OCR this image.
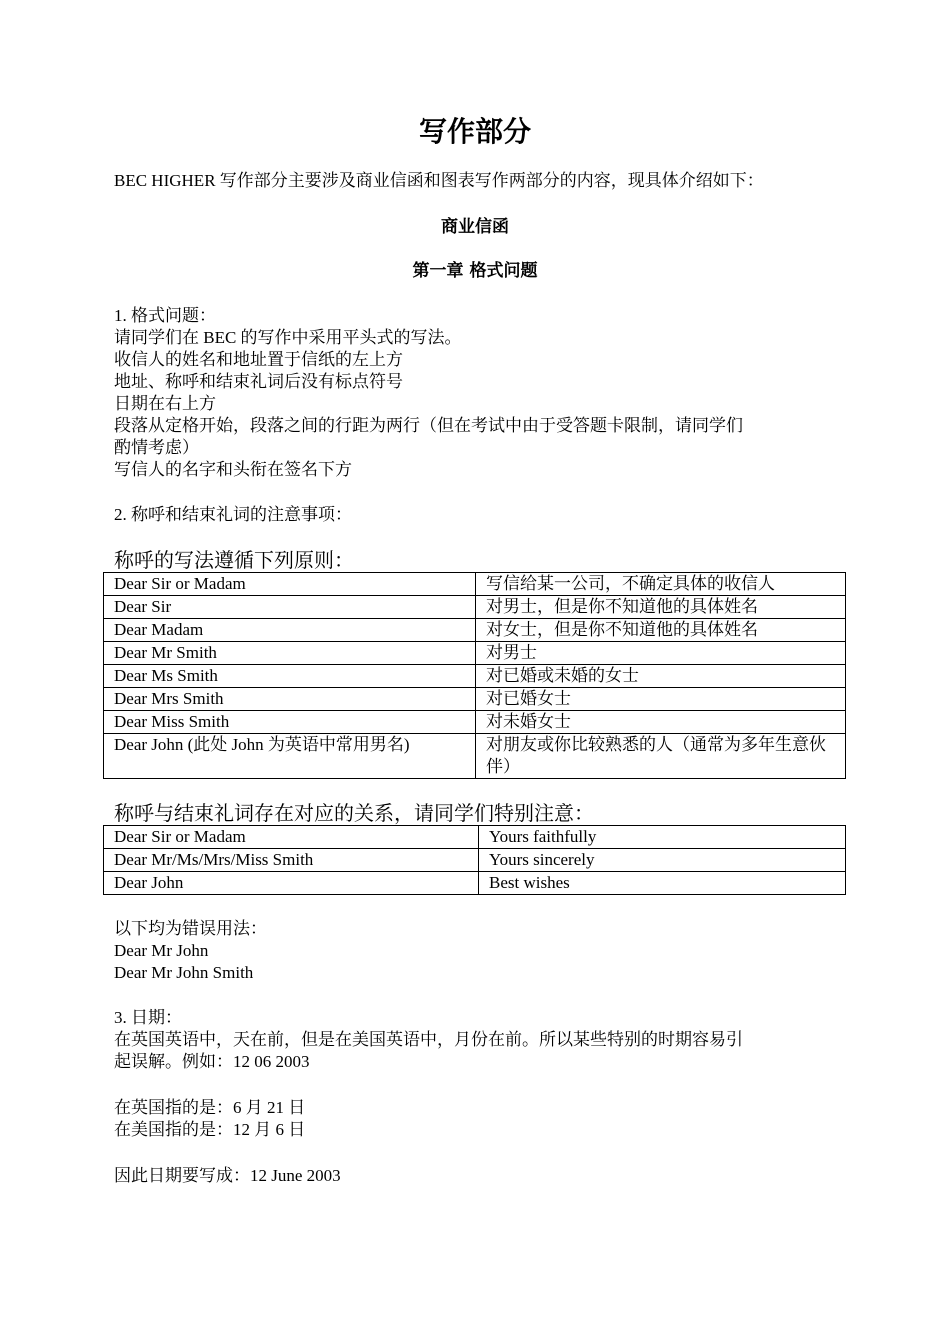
写作部分
BEC HIGHER 写作部分主要涉及商业信函和图表写作两部分的内容，现具体介绍如下：
商业信函
第一章 格式问题
1. 格式问题：
请同学们在 BEC 的写作中采用平头式的写法。
收信人的姓名和地址置于信纸的左上方
地址、称呼和结束礼词后没有标点符号
日期在右上方
段落从定格开始，段落之间的行距为两行（但在考试中由于受答题卡限制，请同学们
酌情考虑）
写信人的名字和头衔在签名下方
2. 称呼和结束礼词的注意事项：
称呼的写法遵循下列原则：
Dear Sir or Madam	写信给某一公司，不确定具体的收信人
Dear Sir	对男士，但是你不知道他的具体姓名
Dear Madam	对女士，但是你不知道他的具体姓名
Dear Mr Smith	对男士
Dear Ms Smith	对已婚或未婚的女士
Dear Mrs Smith	对已婚女士
Dear Miss Smith	对未婚女士
Dear John (此处 John 为英语中常用男名)	对朋友或你比较熟悉的人（通常为多年生意伙伴）
称呼与结束礼词存在对应的关系，请同学们特别注意：
Dear Sir or Madam	Yours faithfully
Dear Mr/Ms/Mrs/Miss Smith	Yours sincerely
Dear John	Best wishes
以下均为错误用法：
Dear Mr John
Dear Mr John Smith
3. 日期：
在英国英语中，天在前，但是在美国英语中，月份在前。所以某些特别的时期容易引
起误解。例如：12 06 2003
在英国指的是：6 月 21 日
在美国指的是：12 月 6 日
因此日期要写成：12 June 2003
